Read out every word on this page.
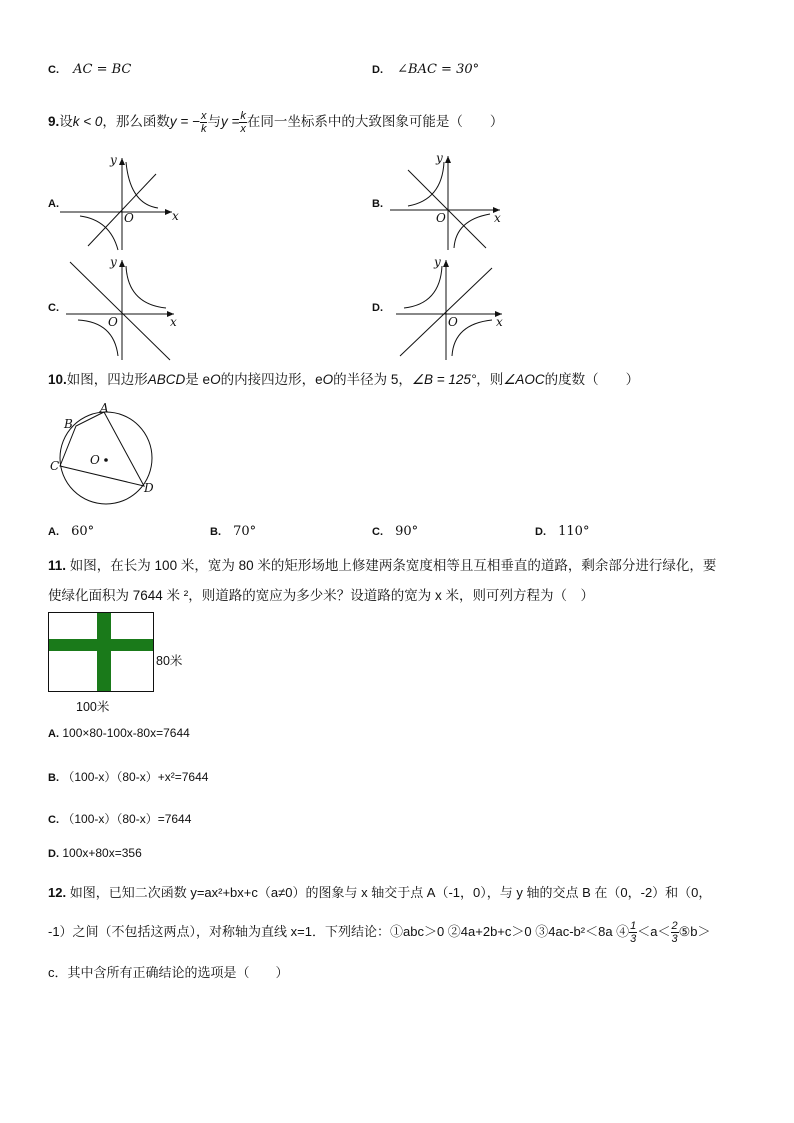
C. AC = BC	D. ∠BAC = 30°
9.设k < 0，那么函数y = − $\frac{x}{k}$ 与$y = \frac{k}{x}$ 在同一坐标系中的大致图象可能是（　　）
A.	B.
C.	D.
y
x
O
y
x
O
y
x
O
y
x
O
10.如图，四边形ABCD是 eO的内接四边形，eO的半径为 5，∠B = 125°，则∠AOC的度数（　　）
A
B
C
D
O
A. 60°	B. 70°	C. 90°	D. 110°
11. 如图，在长为 100 米，宽为 80 米的矩形场地上修建两条宽度相等且互相垂直的道路，剩余部分进行绿化，要
使绿化面积为 7644 米 ²，则道路的宽应为多少米？设道路的宽为 x 米，则可列方程为（　）
80米
100米
A. 100×80-100x-80x=7644
B. （100-x）（80-x）+x²=7644
C. （100-x）（80-x）=7644
D. 100x+80x=356
12. 如图，已知二次函数 y=ax²+bx+c（a≠0）的图象与 x 轴交于点 A（-1，0），与 y 轴的交点 B 在（0，-2）和（0，
-1）之间（不包括这两点），对称轴为直线 x=1．下列结论：①abc＞0 ②4a+2b+c＞0 ③4ac-b²＜8a ④ $\frac{1}{3} <a< \frac{2}{3}$ ⑤b＞
c．其中含所有正确结论的选项是（　　）
